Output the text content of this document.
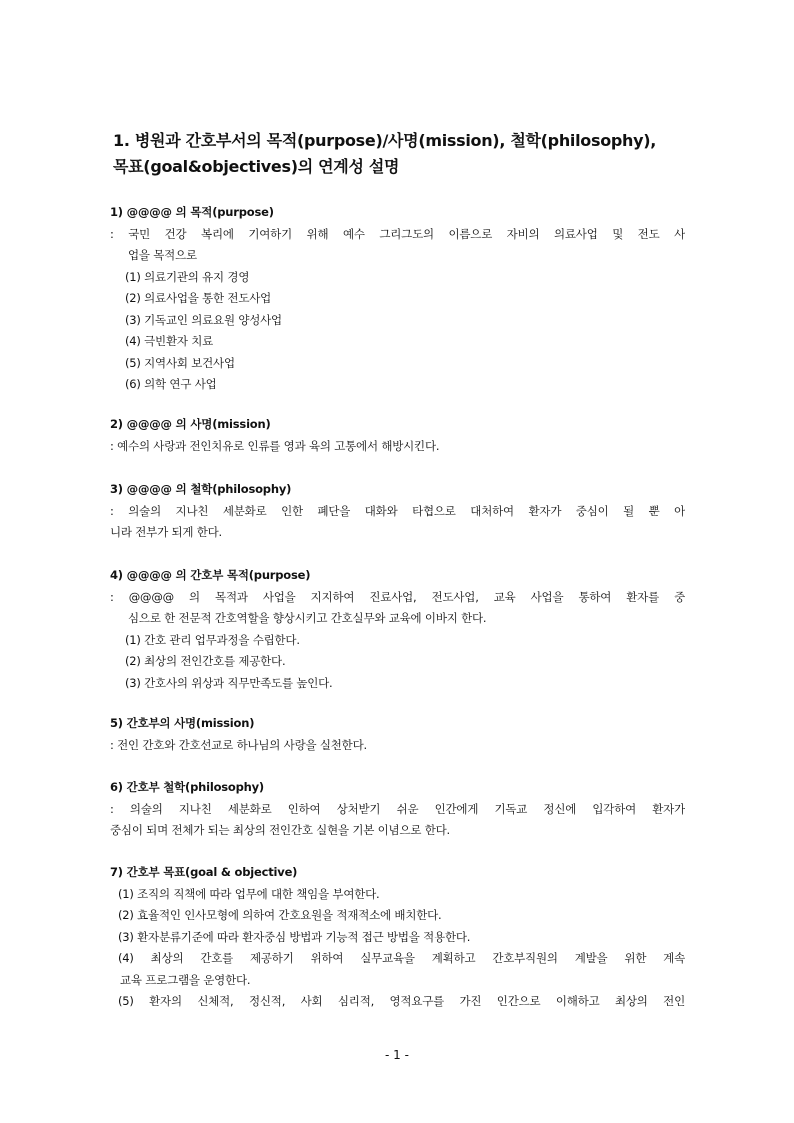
1. 병원과 간호부서의 목적(purpose)/사명(mission), 철학(philosophy),
목표(goal&objectives)의 연계성 설명
1) @@@@ 의 목적(purpose)
: 국민 건강 복리에 기여하기 위해 예수 그리그도의 이름으로 자비의 의료사업 및 전도 사
업을 목적으로
(1) 의료기관의 유지 경영
(2) 의료사업을 통한 전도사업
(3) 기독교인 의료요원 양성사업
(4) 극빈환자 치료
(5) 지역사회 보건사업
(6) 의학 연구 사업
2) @@@@ 의 사명(mission)
: 예수의 사랑과 전인치유로 인류를 영과 육의 고통에서 해방시킨다.
3) @@@@ 의 철학(philosophy)
: 의술의 지나친 세분화로 인한 폐단을 대화와 타협으로 대처하여 환자가 중심이 될 뿐 아
니라 전부가 되게 한다.
4) @@@@ 의 간호부 목적(purpose)
: @@@@ 의 목적과 사업을 지지하여 진료사업, 전도사업, 교육 사업을 통하여 환자를 중
심으로 한 전문적 간호역할을 향상시키고 간호실무와 교육에 이바지 한다.
(1) 간호 관리 업무과정을 수립한다.
(2) 최상의 전인간호를 제공한다.
(3) 간호사의 위상과 직무만족도를 높인다.
5) 간호부의 사명(mission)
: 전인 간호와 간호선교로 하나님의 사랑을 실천한다.
6) 간호부 철학(philosophy)
: 의술의 지나친 세분화로 인하여 상처받기 쉬운 인간에게 기독교 정신에 입각하여 환자가
중심이 되며 전체가 되는 최상의 전인간호 실현을 기본 이념으로 한다.
7) 간호부 목표(goal & objective)
(1) 조직의 직책에 따라 업무에 대한 책임을 부여한다.
(2) 효율적인 인사모형에 의하여 간호요원을 적재적소에 배치한다.
(3) 환자분류기준에 따라 환자중심 방법과 기능적 접근 방법을 적용한다.
(4) 최상의 간호를 제공하기 위하여 실무교육을 계획하고 간호부직원의 계발을 위한 계속
교육 프로그램을 운영한다.
(5) 환자의 신체적, 정신적, 사회 심리적, 영적요구를 가진 인간으로 이해하고 최상의 전인
- 1 -
